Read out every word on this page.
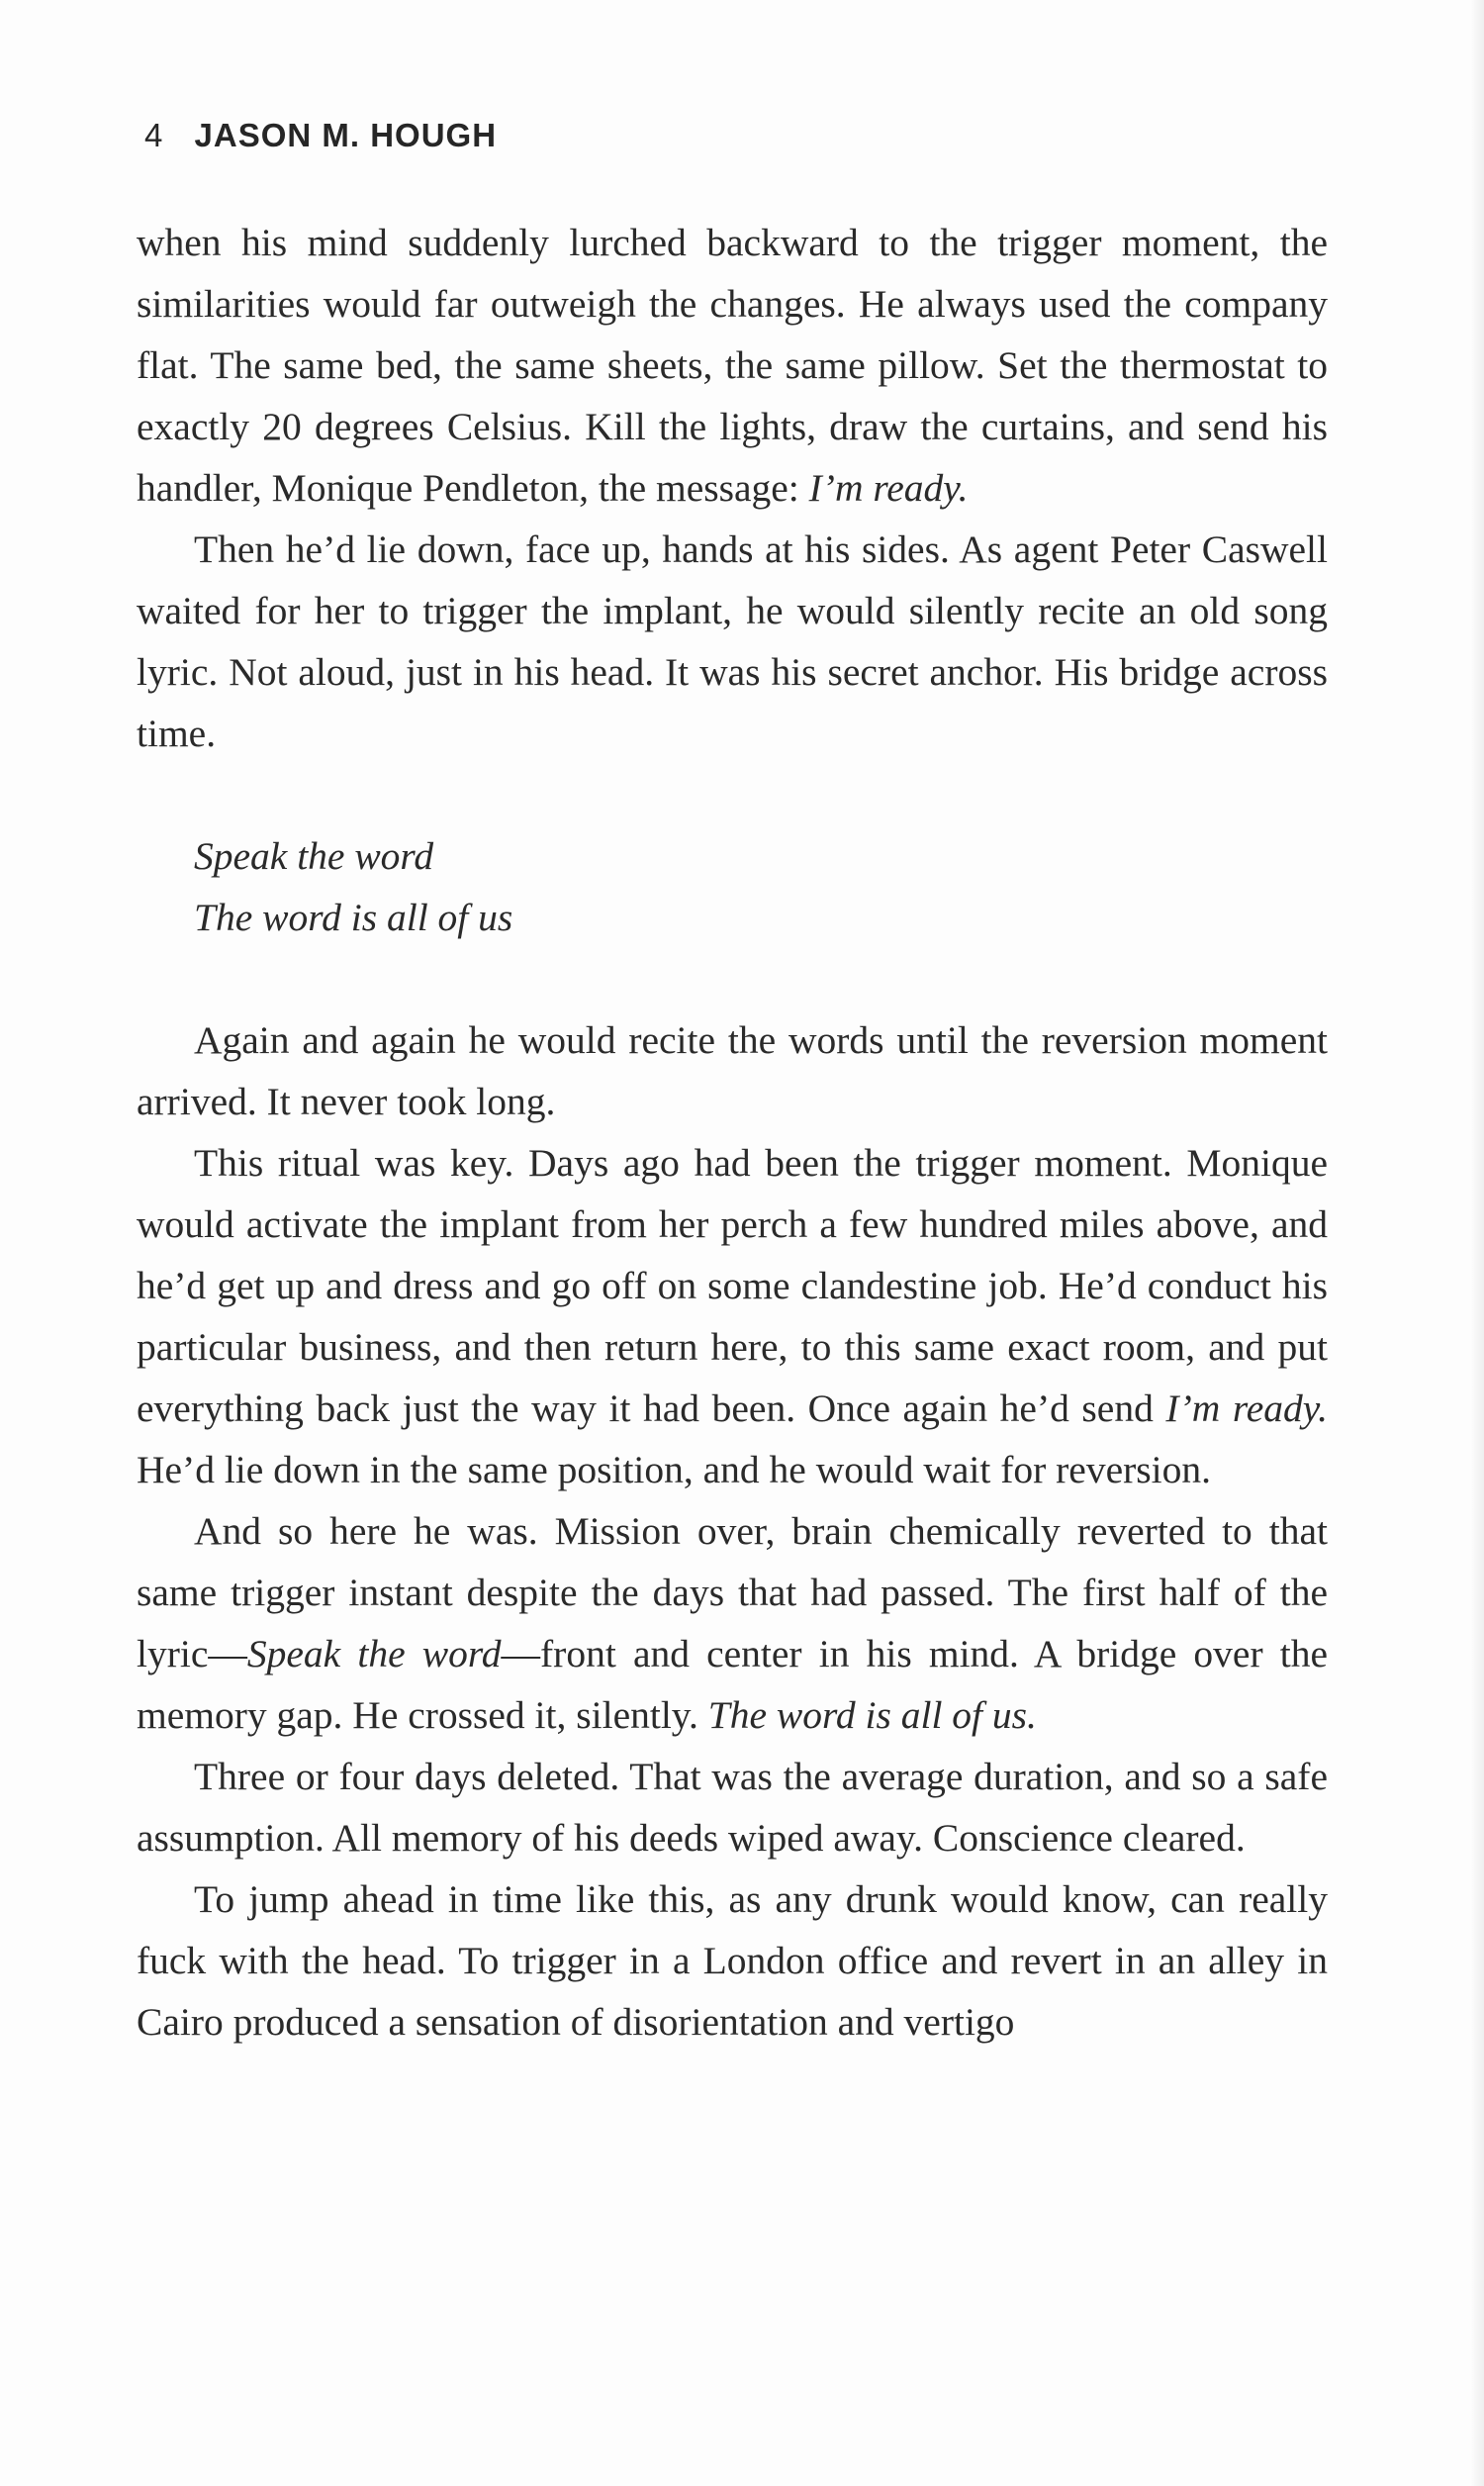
4 JASON M. HOUGH

when his mind suddenly lurched backward to the trigger moment, the similarities would far outweigh the changes. He always used the company flat. The same bed, the same sheets, the same pillow. Set the thermostat to exactly 20 degrees Celsius. Kill the lights, draw the curtains, and send his handler, Monique Pendleton, the message: I’m ready.

Then he’d lie down, face up, hands at his sides. As agent Peter Caswell waited for her to trigger the implant, he would silently recite an old song lyric. Not aloud, just in his head. It was his secret anchor. His bridge across time.

Speak the word
The word is all of us

Again and again he would recite the words until the reversion moment arrived. It never took long.

This ritual was key. Days ago had been the trigger moment. Monique would activate the implant from her perch a few hundred miles above, and he’d get up and dress and go off on some clandestine job. He’d conduct his particular business, and then return here, to this same exact room, and put everything back just the way it had been. Once again he’d send I’m ready. He’d lie down in the same position, and he would wait for reversion.

And so here he was. Mission over, brain chemically reverted to that same trigger instant despite the days that had passed. The first half of the lyric—Speak the word—front and center in his mind. A bridge over the memory gap. He crossed it, silently. The word is all of us.

Three or four days deleted. That was the average duration, and so a safe assumption. All memory of his deeds wiped away. Conscience cleared.

To jump ahead in time like this, as any drunk would know, can really fuck with the head. To trigger in a London office and revert in an alley in Cairo produced a sensation of disorientation and vertigo
